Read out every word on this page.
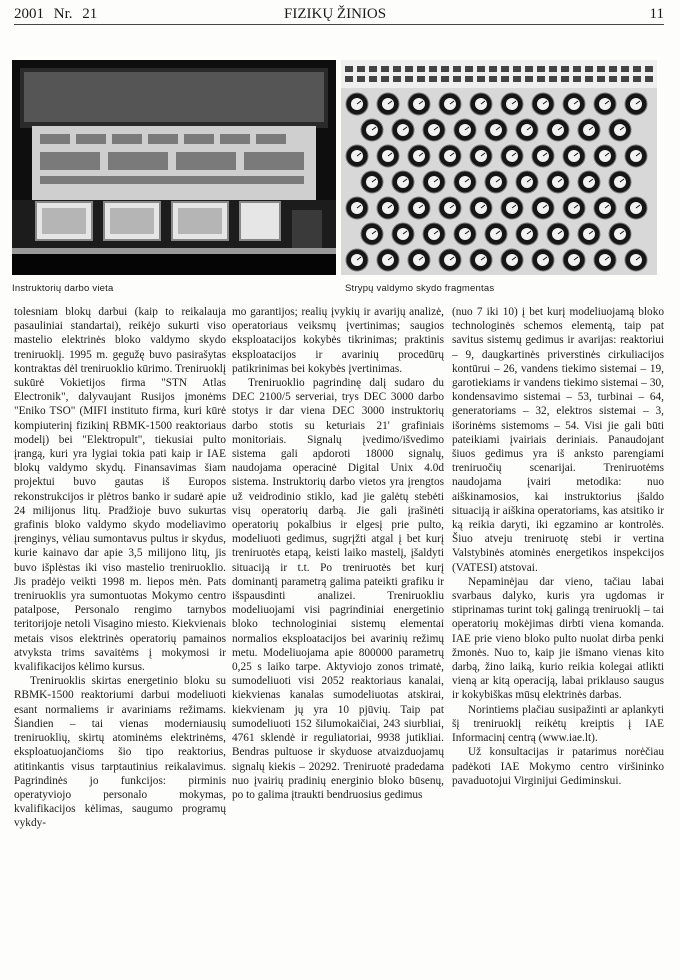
2001 Nr. 21	FIZIKŲ ŽINIOS	11
Instruktorių darbo vieta	Strypų valdymo skydo fragmentas

tolesniam blokų darbui (kaip to reikalauja pasauliniai standartai), reikėjo sukurti viso mastelio elektrinės bloko valdymo skydo treniruoklį. 1995 m. gegužę buvo pasirašytas kontraktas dėl treniruoklio kūrimo. Treniruoklį sukūrė Vokietijos firma "STN Atlas Electronik", dalyvaujant Rusijos įmonėms "Eniko TSO" (MIFI instituto firma, kuri kūrė kompiuterinį fizikinį RBMK-1500 reaktoriaus modelį) bei "Elektropult", tiekusiai pulto įrangą, kuri yra lygiai tokia pati kaip ir IAE blokų valdymo skydų. Finansavimas šiam projektui buvo gautas iš Europos rekonstrukcijos ir plėtros banko ir sudarė apie 24 milijonus litų. Pradžioje buvo sukurtas grafinis bloko valdymo skydo modeliavimo įrenginys, vėliau sumontavus pultus ir skydus, kurie kainavo dar apie 3,5 milijono litų, jis buvo išplėstas iki viso mastelio treniruoklio. Jis pradėjo veikti 1998 m. liepos mėn. Pats treniruoklis yra sumontuotas Mokymo centro patalpose, Personalo rengimo tarnybos teritorijoje netoli Visagino miesto. Kiekvienais metais visos elektrinės operatorių pamainos atvyksta trims savaitėms į mokymosi ir kvalifikacijos kėlimo kursus.

Treniruoklis skirtas energetinio bloku su RBMK-1500 reaktoriumi darbui modeliuoti esant normaliems ir avariniams režimams. Šiandien – tai vienas moderniausių treniruoklių, skirtų atominėms elektrinėms, eksploatuojančioms šio tipo reaktorius, atitinkantis visus tarptautinius reikalavimus. Pagrindinės jo funkcijos: pirminis operatyviojo personalo mokymas, kvalifikacijos kėlimas, saugumo programų vykdy-

mo garantijos; realių įvykių ir avarijų analizė, operatoriaus veiksmų įvertinimas; saugios eksploatacijos kokybės tikrinimas; praktinis eksploatacijos ir avarinių procedūrų patikrinimas bei kokybės įvertinimas.

Treniruoklio pagrindinę dalį sudaro du DEC 2100/5 serveriai, trys DEC 3000 darbo stotys ir dar viena DEC 3000 instruktorių darbo stotis su keturiais 21' grafiniais monitoriais. Signalų įvedimo/išvedimo sistema gali apdoroti 18000 signalų, naudojama operacinė Digital Unix 4.0d sistema. Instruktorių darbo vietos yra įrengtos už veidrodinio stiklo, kad jie galėtų stebėti visų operatorių darbą. Jie gali įrašinėti operatorių pokalbius ir elgesį prie pulto, modeliuoti gedimus, sugrįžti atgal į bet kurį treniruotės etapą, keisti laiko mastelį, įšaldyti situaciją ir t.t. Po treniruotės bet kurį dominantį parametrą galima pateikti grafiku ir išspausdinti analizei. Treniruokliu modeliuojami visi pagrindiniai energetinio bloko technologiniai sistemų elementai normalios eksploatacijos bei avarinių režimų metu. Modeliuojama apie 800000 parametrų 0,25 s laiko tarpe. Aktyviojo zonos trimatė, sumodeliuoti visi 2052 reaktoriaus kanalai, kiekvienas kanalas sumodeliuotas atskirai, kiekvienam jų yra 10 pjūvių. Taip pat sumodeliuoti 152 šilumokaičiai, 243 siurbliai, 4761 sklendė ir reguliatoriai, 9938 jutikliai. Bendras pultuose ir skyduose atvaizduojamų signalų kiekis – 20292. Treniruotė pradedama nuo įvairių pradinių energinio bloko būsenų, po to galima įtraukti bendruosius gedimus

(nuo 7 iki 10) į bet kurį modeliuojamą bloko technologinės schemos elementą, taip pat savitus sistemų gedimus ir avarijas: reaktoriui – 9, daugkartinės priverstinės cirkuliacijos kontūrui – 26, vandens tiekimo sistemai – 19, garotiekiams ir vandens tiekimo sistemai – 30, kondensavimo sistemai – 53, turbinai – 64, generatoriams – 32, elektros sistemai – 3, išorinėms sistemoms – 54. Visi jie gali būti pateikiami įvairiais deriniais. Panaudojant šiuos gedimus yra iš anksto parengiami treniruočių scenarijai. Treniruotėms naudojama įvairi metodika: nuo aiškinamosios, kai instruktorius įšaldo situaciją ir aiškina operatoriams, kas atsitiko ir ką reikia daryti, iki egzamino ar kontrolės. Šiuo atveju treniruotę stebi ir vertina Valstybinės atominės energetikos inspekcijos (VATESI) atstovai.

Nepaminėjau dar vieno, tačiau labai svarbaus dalyko, kuris yra ugdomas ir stiprinamas turint tokį galingą treniruoklį – tai operatorių mokėjimas dirbti viena komanda. IAE prie vieno bloko pulto nuolat dirba penki žmonės. Nuo to, kaip jie išmano vienas kito darbą, žino laiką, kurio reikia kolegai atlikti vieną ar kitą operaciją, labai priklauso saugus ir kokybiškas mūsų elektrinės darbas.

Norintiems plačiau susipažinti ar aplankyti šį treniruoklį reikėtų kreiptis į IAE Informacinį centrą (www.iae.lt).

Už konsultacijas ir patarimus norėčiau padėkoti IAE Mokymo centro viršininko pavaduotojui Virginijui Gediminskui.
